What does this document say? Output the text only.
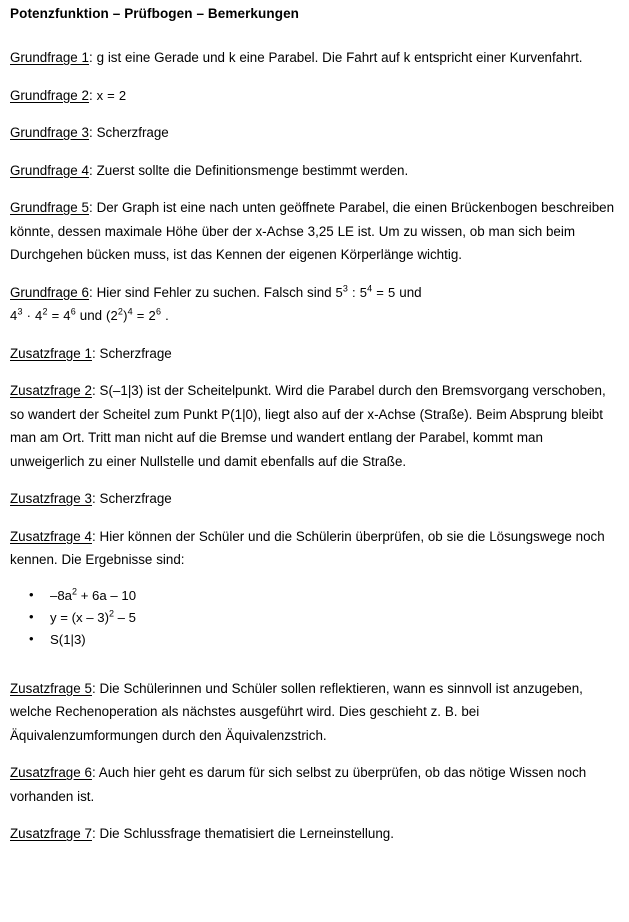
Potenzfunktion – Prüfbogen – Bemerkungen

Grundfrage 1: g ist eine Gerade und k eine Parabel. Die Fahrt auf k entspricht einer Kurvenfahrt.

Grundfrage 2: x = 2

Grundfrage 3: Scherzfrage

Grundfrage 4: Zuerst sollte die Definitionsmenge bestimmt werden.

Grundfrage 5: Der Graph ist eine nach unten geöffnete Parabel, die einen Brückenbogen beschreiben könnte, dessen maximale Höhe über der x-Achse 3,25 LE ist. Um zu wissen, ob man sich beim Durchgehen bücken muss, ist das Kennen der eigenen Körperlänge wichtig.

Grundfrage 6: Hier sind Fehler zu suchen. Falsch sind $5^3$ : $5^4 = 5$ und
$4^3 \cdot 4^2 = 4^6$ und $(2^2)^4 = 2^6$ .

Zusatzfrage 1: Scherzfrage

Zusatzfrage 2: S(–1|3) ist der Scheitelpunkt. Wird die Parabel durch den Bremsvorgang verschoben, so wandert der Scheitel zum Punkt P(1|0), liegt also auf der x-Achse (Straße). Beim Absprung bleibt man am Ort. Tritt man nicht auf die Bremse und wandert entlang der Parabel, kommt man unweigerlich zu einer Nullstelle und damit ebenfalls auf die Straße.

Zusatzfrage 3: Scherzfrage

Zusatzfrage 4: Hier können der Schüler und die Schülerin überprüfen, ob sie die Lösungswege noch kennen. Die Ergebnisse sind:

• $-8a^2 + 6a - 10$
• y = (x – 3)$^2$ – 5
• S(1|3)

Zusatzfrage 5: Die Schülerinnen und Schüler sollen reflektieren, wann es sinnvoll ist anzugeben, welche Rechenoperation als nächstes ausgeführt wird. Dies geschieht z. B. bei Äquivalenzumformungen durch den Äquivalenzstrich.

Zusatzfrage 6: Auch hier geht es darum für sich selbst zu überprüfen, ob das nötige Wissen noch vorhanden ist.

Zusatzfrage 7: Die Schlussfrage thematisiert die Lerneinstellung.
